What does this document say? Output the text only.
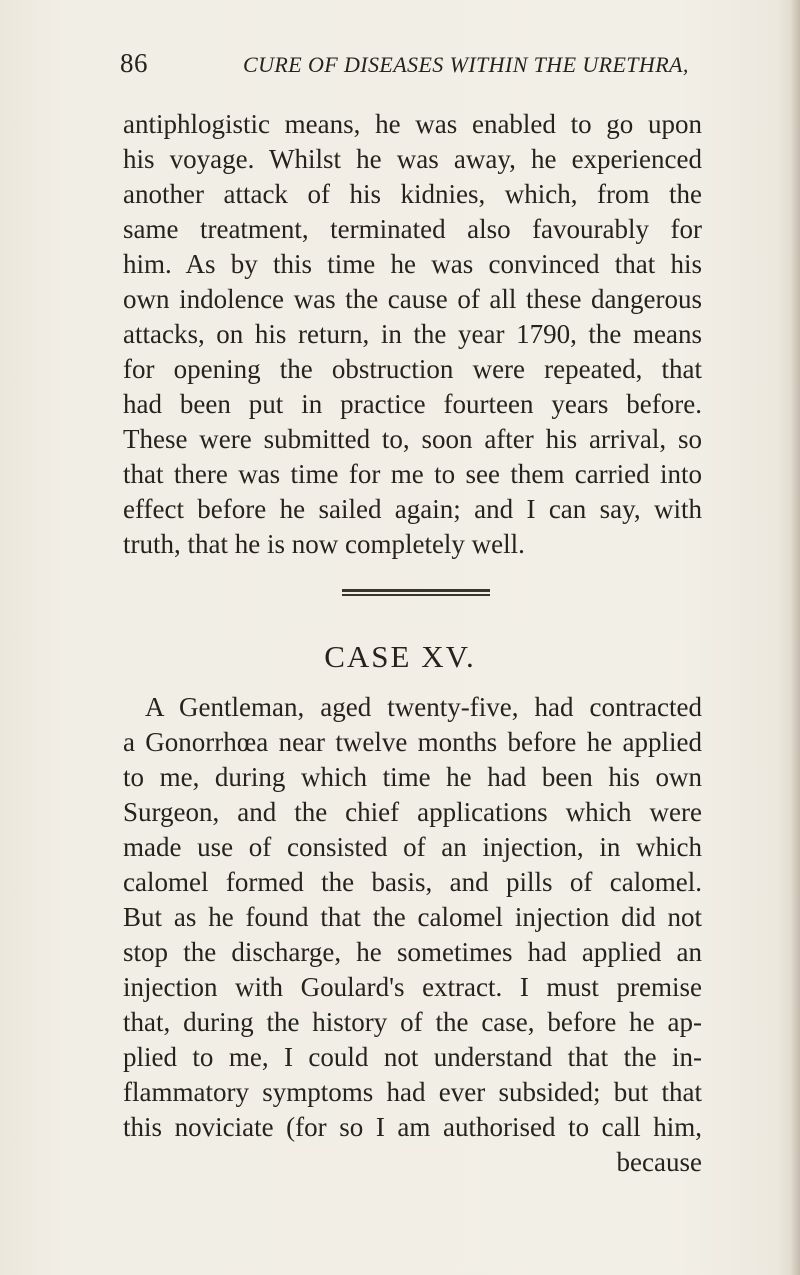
86	CURE OF DISEASES WITHIN THE URETHRA,
antiphlogistic means, he was enabled to go upon
his voyage. Whilst he was away, he experienced
another attack of his kidnies, which, from the
same treatment, terminated also favourably for
him. As by this time he was convinced that his
own indolence was the cause of all these dangerous
attacks, on his return, in the year 1790, the means
for opening the obstruction were repeated, that
had been put in practice fourteen years before.
These were submitted to, soon after his arrival, so
that there was time for me to see them carried into
effect before he sailed again; and I can say, with
truth, that he is now completely well.
CASE XV.
A Gentleman, aged twenty-five, had contracted
a Gonorrhœa near twelve months before he applied
to me, during which time he had been his own
Surgeon, and the chief applications which were
made use of consisted of an injection, in which
calomel formed the basis, and pills of calomel.
But as he found that the calomel injection did not
stop the discharge, he sometimes had applied an
injection with Goulard's extract. I must premise
that, during the history of the case, before he ap-
plied to me, I could not understand that the in-
flammatory symptoms had ever subsided; but that
this noviciate (for so I am authorised to call him,
because
